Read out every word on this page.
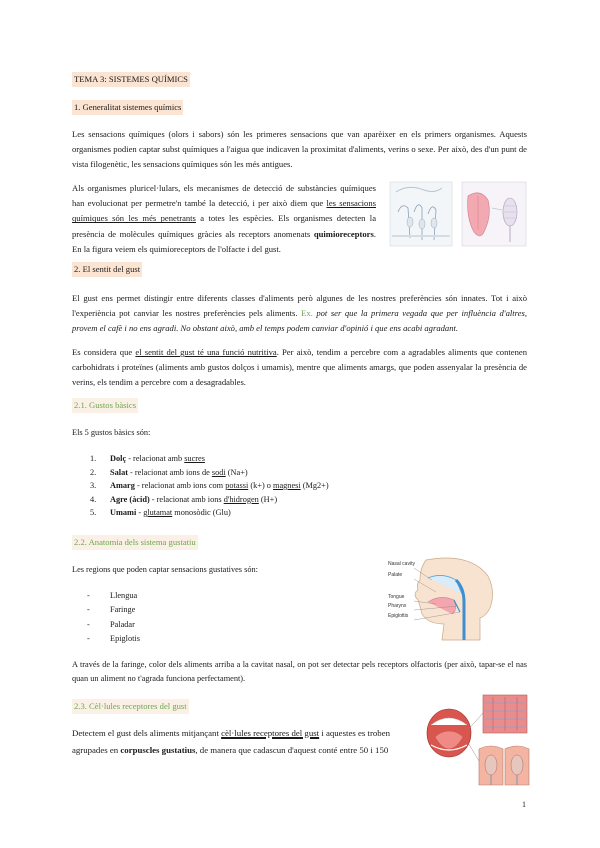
TEMA 3: SISTEMES QUÍMICS
1. Generalitat sistemes químics
Les sensacions químiques (olors i sabors) són les primeres sensacions que van aparèixer en els primers organismes. Aquests organismes podien captar subst químiques a l'aigua que indicaven la proximitat d'aliments, verins o sexe. Per això, des d'un punt de vista filogenètic, les sensacions químiques són les més antigues.
Als organismes pluricel·lulars, els mecanismes de detecció de substàncies químiques han evolucionat per permetre'n també la detecció, i per això diem que les sensacions químiques són les més penetrants a totes les espècies. Els organismes detecten la presència de molècules químiques gràcies als receptors anomenats quimioreceptors. En la figura veiem els quimioreceptors de l'olfacte i del gust.
2. El sentit del gust
El gust ens permet distingir entre diferents classes d'aliments però algunes de les nostres preferències són innates. Tot i això l'experiència pot canviar les nostres preferències pels aliments. Ex. pot ser que la primera vegada que per influència d'altres, provem el cafè i no ens agradi. No obstant això, amb el temps podem canviar d'opinió i que ens acabi agradant.
Es considera que el sentit del gust té una funció nutritiva. Per això, tendim a percebre com a agradables aliments que contenen carbohidrats i proteïnes (aliments amb gustos dolços i umamis), mentre que aliments amargs, que poden assenyalar la presència de verins, els tendim a percebre com a desagradables.
2.1. Gustos bàsics
Els 5 gustos bàsics són:
1. Dolç - relacionat amb sucres
2. Salat - relacionat amb ions de sodi (Na+)
3. Amarg - relacionat amb ions com potassi (k+) o magnesi (Mg2+)
4. Agre (àcid) - relacionat amb ions d'hidrogen (H+)
5. Umami - glutamat monosòdic (Glu)
2.2. Anatomia dels sistema gustatiu
Les regions que poden captar sensacions gustatives són:
- Llengua
- Faringe
- Paladar
- Epiglotis
Nasal cavity
Palate
Tongue
Pharynx
Epiglottis
A través de la faringe, color dels aliments arriba a la cavitat nasal, on pot ser detectar pels receptors olfactoris (per això, tapar-se el nas quan un aliment no t'agrada funciona perfectament).
2.3. Cèl·lules receptores del gust
Detectem el gust dels aliments mitjançant cèl·lules receptores del gust i aquestes es troben agrupades en corpuscles gustatius, de manera que cadascun d'aquest conté entre 50 i 150
1
